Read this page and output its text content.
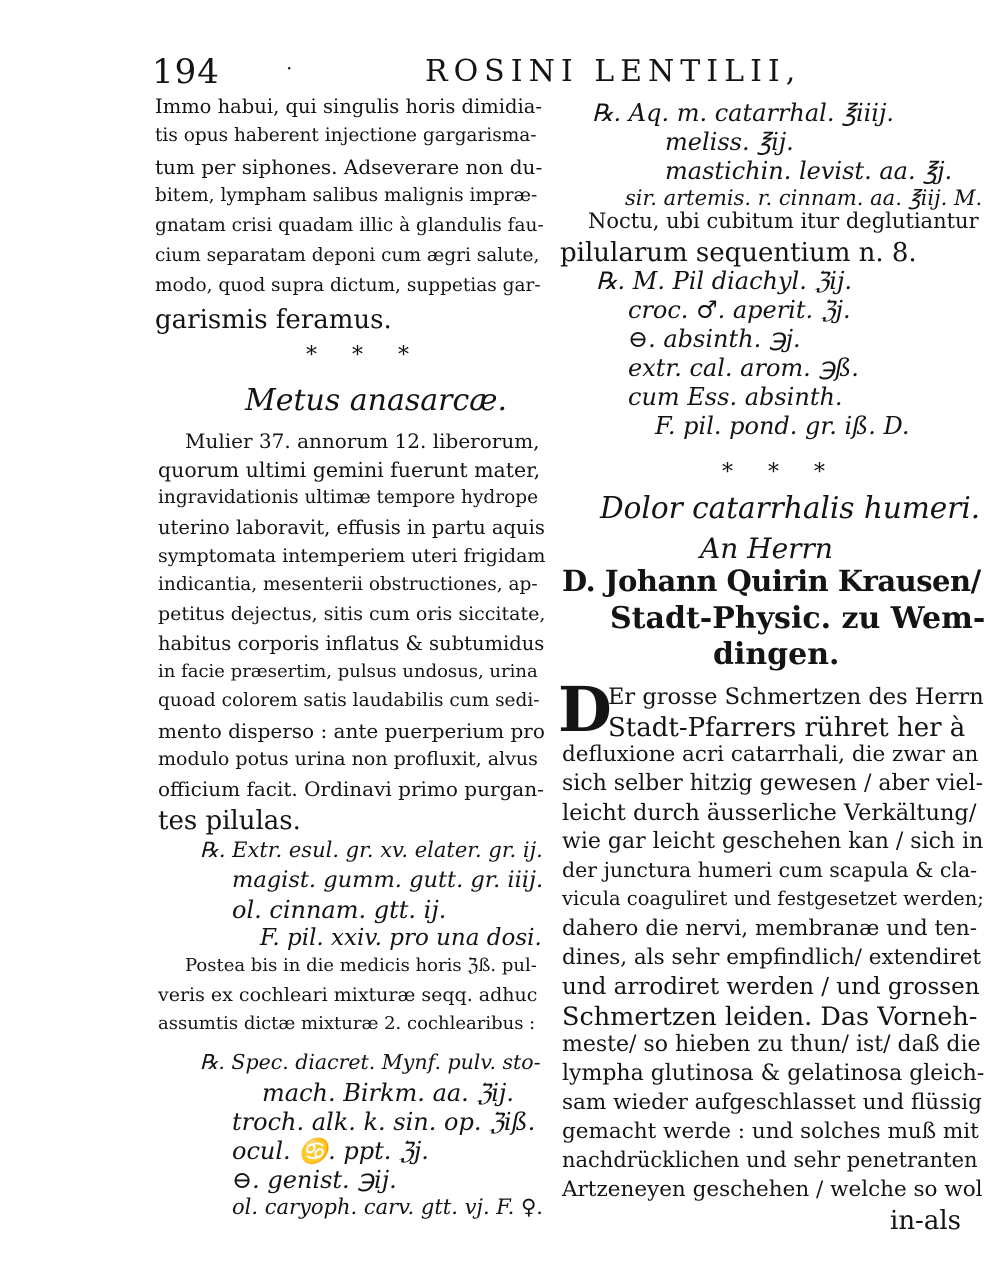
194	·	ROSINI LENTILII,
Immo habui, qui singulis horis dimidia-
tis opus haberent injectione gargarisma-
tum per siphones. Adseverare non du-
bitem, lympham salibus malignis impræ-
gnatam crisi quadam illic à glandulis fau-
cium separatam deponi cum ægri salute,
modo, quod supra dictum, suppetias gar-
garismis feramus.
* * *
Metus anasarcæ.
Mulier 37. annorum 12. liberorum,
quorum ultimi gemini fuerunt mater,
ingravidationis ultimæ tempore hydrope
uterino laboravit, effusis in partu aquis
symptomata intemperiem uteri frigidam
indicantia, mesenterii obstructiones, ap-
petitus dejectus, sitis cum oris siccitate,
habitus corporis inflatus & subtumidus
in facie præsertim, pulsus undosus, urina
quoad colorem satis laudabilis cum sedi-
mento disperso : ante puerperium pro
modulo potus urina non profluxit, alvus
officium facit. Ordinavi primo purgan-
tes pilulas.
℞. Extr. esul. gr. xv. elater. gr. ij.
magist. gumm. gutt. gr. iiij.
ol. cinnam. gtt. ij.
F. pil. xxiv. pro una dosi.
Postea bis in die medicis horis ℨß. pul-
veris ex cochleari mixturæ seqq. adhuc
assumtis dictæ mixturæ 2. cochlearibus :
℞. Spec. diacret. Mynf. pulv. sto-
mach. Birkm. aa. ℨij.
troch. alk. k. sin. op. ℨiß.
ocul. ♋. ppt. ℨj.
⊖. genist. ℈ij.
ol. caryoph. carv. gtt. vj. F. ♀.
℞. Aq. m. catarrhal. ℥iiij.
meliss. ℥ij.
mastichin. levist. aa. ℥j.
sir. artemis. r. cinnam. aa. ℥iij. M.
Noctu, ubi cubitum itur deglutiantur
pilularum sequentium n. 8.
℞. M. Pil diachyl. ℨij.
croc. ♂. aperit. ℨj.
⊖. absinth. ℈j.
extr. cal. arom. ℈ß.
cum Ess. absinth.
F. pil. pond. gr. iß. D.
* * *
Dolor catarrhalis humeri.
An Herrn
D. Johann Quirin Krausen/
Stadt-Physic. zu Wem-
dingen.
D
Er grosse Schmertzen des Herrn
Stadt-Pfarrers rühret her à
defluxione acri catarrhali, die zwar an
sich selber hitzig gewesen / aber viel-
leicht durch äusserliche Verkältung/
wie gar leicht geschehen kan / sich in
der junctura humeri cum scapula & cla-
vicula coaguliret und festgesetzet werden;
dahero die nervi, membranæ und ten-
dines, als sehr empfindlich/ extendiret
und arrodiret werden / und grossen
Schmertzen leiden. Das Vorneh-
meste/ so hieben zu thun/ ist/ daß die
lympha glutinosa & gelatinosa gleich-
sam wieder aufgeschlasset und flüssig
gemacht werde : und solches muß mit
nachdrücklichen und sehr penetranten
Artzeneyen geschehen / welche so wol
in-als
